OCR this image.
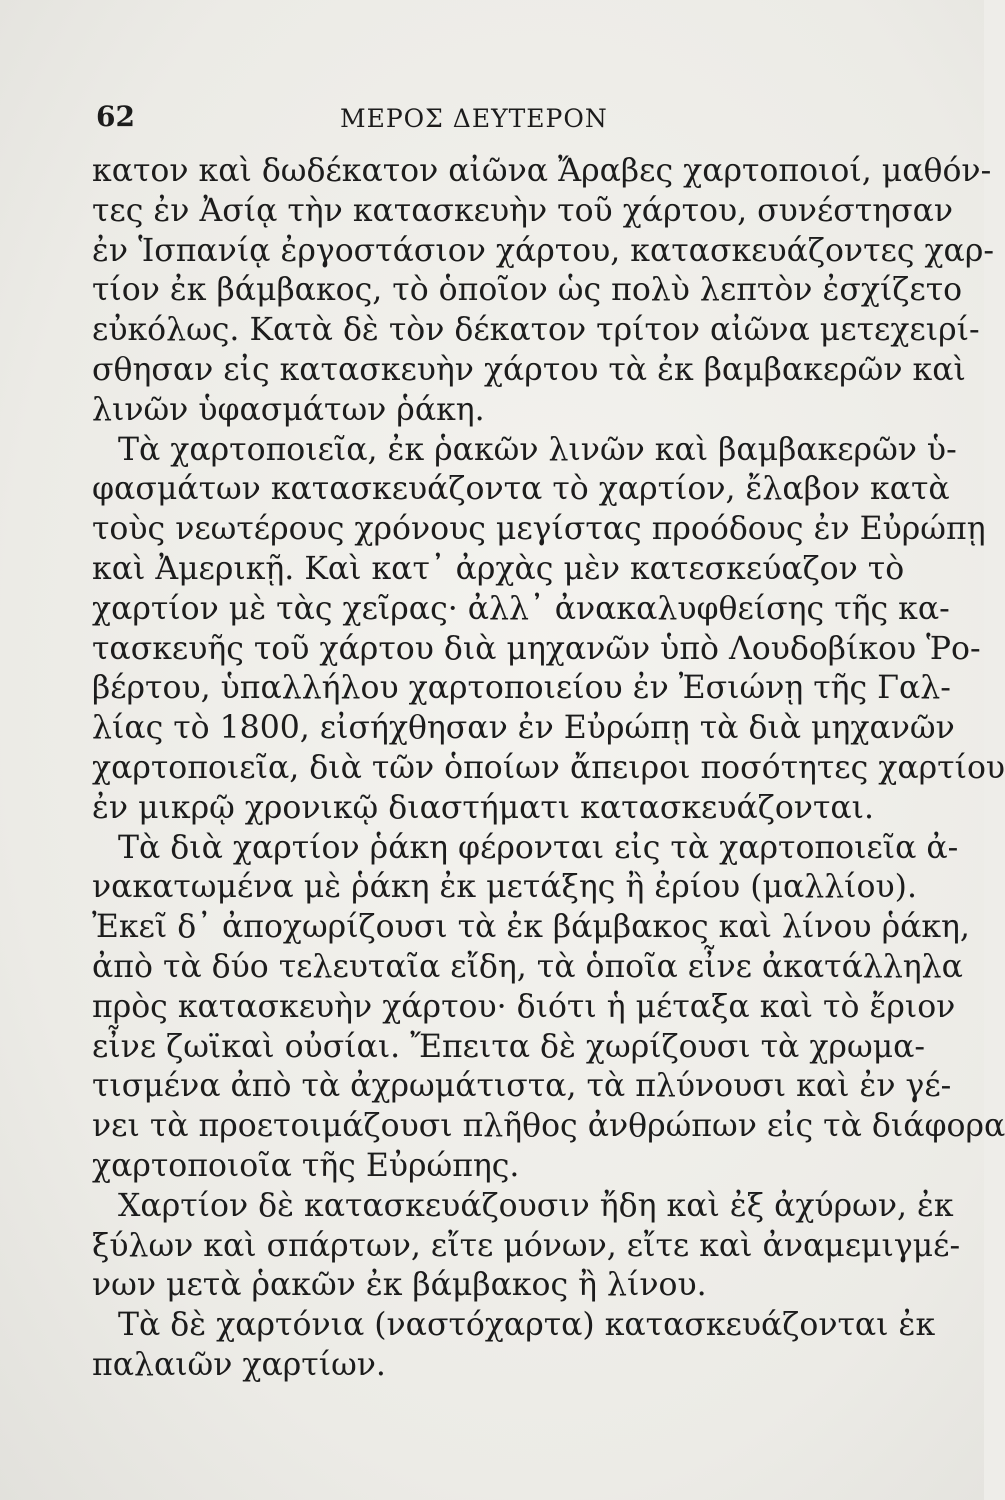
62	ΜΕΡΟΣ ΔΕΥΤΕΡΟΝ

κατον καὶ δωδέκατον αἰῶνα Ἄραβες χαρτοποιοί, μαθόν-
τες ἐν Ἀσίᾳ τὴν κατασκευὴν τοῦ χάρτου, συνέστησαν
ἐν Ἱσπανίᾳ ἐργοστάσιον χάρτου, κατασκευάζοντες χαρ-
τίον ἐκ βάμβακος, τὸ ὁποῖον ὡς πολὺ λεπτὸν ἐσχίζετο
εὐκόλως. Κατὰ δὲ τὸν δέκατον τρίτον αἰῶνα μετεχειρί-
σθησαν εἰς κατασκευὴν χάρτου τὰ ἐκ βαμβακερῶν καὶ
λινῶν ὑφασμάτων ῥάκη.

Τὰ χαρτοποιεῖα, ἐκ ῥακῶν λινῶν καὶ βαμβακερῶν ὑ-
φασμάτων κατασκευάζοντα τὸ χαρτίον, ἔλαβον κατὰ
τοὺς νεωτέρους χρόνους μεγίστας προόδους ἐν Εὐρώπῃ
καὶ Ἀμερικῇ. Καὶ κατ᾽ ἀρχὰς μὲν κατεσκεύαζον τὸ
χαρτίον μὲ τὰς χεῖρας· ἀλλ᾽ ἀνακαλυφθείσης τῆς κα-
τασκευῆς τοῦ χάρτου διὰ μηχανῶν ὑπὸ Λουδοβίκου Ῥο-
βέρτου, ὑπαλλήλου χαρτοποιείου ἐν Ἐσιώνῃ τῆς Γαλ-
λίας τὸ 1800, εἰσήχθησαν ἐν Εὐρώπῃ τὰ διὰ μηχανῶν
χαρτοποιεῖα, διὰ τῶν ὁποίων ἄπειροι ποσότητες χαρτίου
ἐν μικρῷ χρονικῷ διαστήματι κατασκευάζονται.

Τὰ διὰ χαρτίον ῥάκη φέρονται εἰς τὰ χαρτοποιεῖα ἀ-
νακατωμένα μὲ ῥάκη ἐκ μετάξης ἢ ἐρίου (μαλλίου).
Ἐκεῖ δ᾽ ἀποχωρίζουσι τὰ ἐκ βάμβακος καὶ λίνου ῥάκη,
ἀπὸ τὰ δύο τελευταῖα εἴδη, τὰ ὁποῖα εἶνε ἀκατάλληλα
πρὸς κατασκευὴν χάρτου· διότι ἡ μέταξα καὶ τὸ ἔριον
εἶνε ζωϊκαὶ οὐσίαι. Ἔπειτα δὲ χωρίζουσι τὰ χρωμα-
τισμένα ἀπὸ τὰ ἀχρωμάτιστα, τὰ πλύνουσι καὶ ἐν γέ-
νει τὰ προετοιμάζουσι πλῆθος ἀνθρώπων εἰς τὰ διάφορα
χαρτοποιοῖα τῆς Εὐρώπης.

Χαρτίον δὲ κατασκευάζουσιν ἤδη καὶ ἐξ ἀχύρων, ἐκ
ξύλων καὶ σπάρτων, εἴτε μόνων, εἴτε καὶ ἀναμεμιγμέ-
νων μετὰ ῥακῶν ἐκ βάμβακος ἢ λίνου.

Τὰ δὲ χαρτόνια (ναστόχαρτα) κατασκευάζονται ἐκ
παλαιῶν χαρτίων.
